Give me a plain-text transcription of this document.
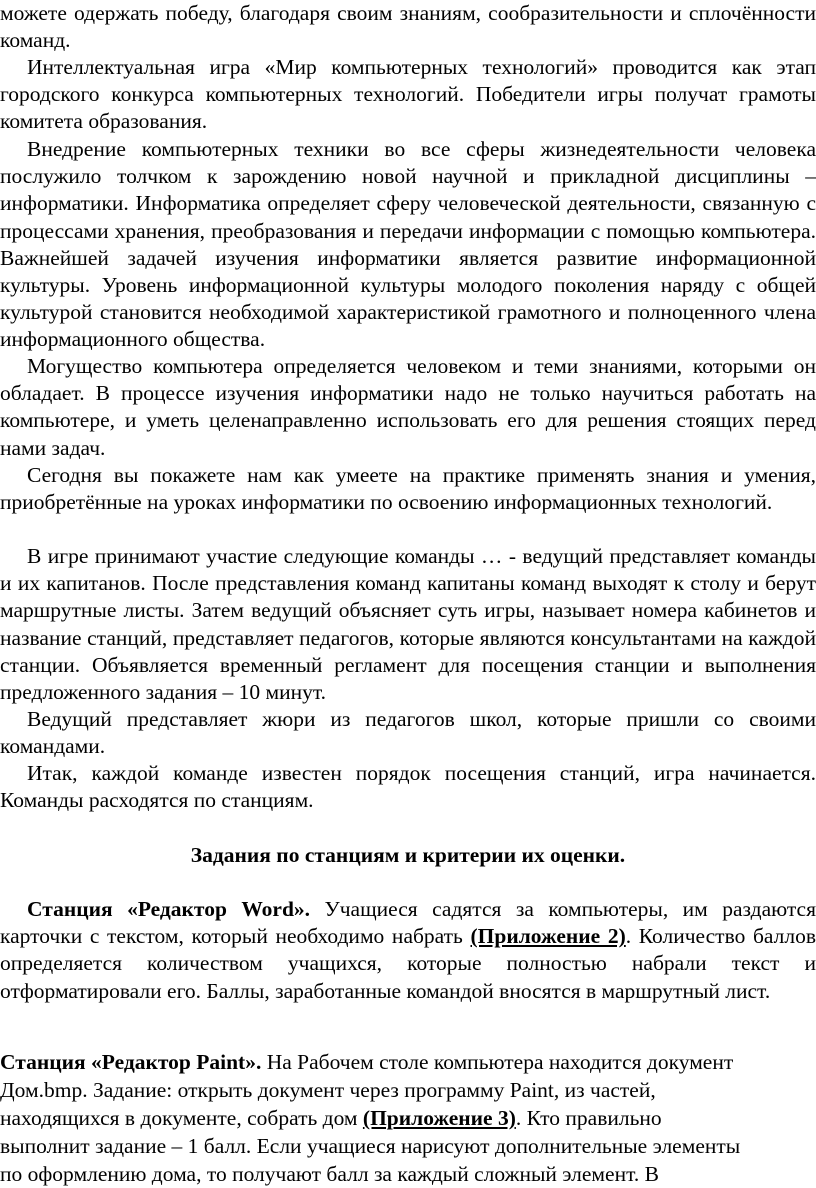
можете одержать победу, благодаря своим знаниям, сообразительности и сплочённости команд.

Интеллектуальная игра «Мир компьютерных технологий» проводится как этап городского конкурса компьютерных технологий. Победители игры получат грамоты комитета образования.

Внедрение компьютерных техники во все сферы жизнедеятельности человека послужило толчком к зарождению новой научной и прикладной дисциплины – информатики. Информатика определяет сферу человеческой деятельности, связанную с процессами хранения, преобразования и передачи информации с помощью компьютера. Важнейшей задачей изучения информатики является развитие информационной культуры. Уровень информационной культуры молодого поколения наряду с общей культурой становится необходимой характеристикой грамотного и полноценного члена информационного общества.

Могущество компьютера определяется человеком и теми знаниями, которыми он обладает. В процессе изучения информатики надо не только научиться работать на компьютере, и уметь целенаправленно использовать его для решения стоящих перед нами задач.

Сегодня вы покажете нам как умеете на практике применять знания и умения, приобретённые на уроках информатики по освоению информационных технологий.

В игре принимают участие следующие команды … - ведущий представляет команды и их капитанов. После представления команд капитаны команд выходят к столу и берут маршрутные листы. Затем ведущий объясняет суть игры, называет номера кабинетов и название станций, представляет педагогов, которые являются консультантами на каждой станции. Объявляется временный регламент для посещения станции и выполнения предложенного задания – 10 минут.

Ведущий представляет жюри из педагогов школ, которые пришли со своими командами.

Итак, каждой команде известен порядок посещения станций, игра начинается. Команды расходятся по станциям.

Задания по станциям и критерии их оценки.

Станция «Редактор Word». Учащиеся садятся за компьютеры, им раздаются карточки с текстом, который необходимо набрать (Приложение 2). Количество баллов определяется количеством учащихся, которые полностью набрали текст и отформатировали его. Баллы, заработанные командой вносятся в маршрутный лист.

Станция «Редактор Paint». На Рабочем столе компьютера находится документ

Дом.bmp. Задание: открыть документ через программу Paint, из частей,

находящихся в документе, собрать дом (Приложение 3). Кто правильно

выполнит задание – 1 балл. Если учащиеся нарисуют дополнительные элементы

по оформлению дома, то получают балл за каждый сложный элемент. В
